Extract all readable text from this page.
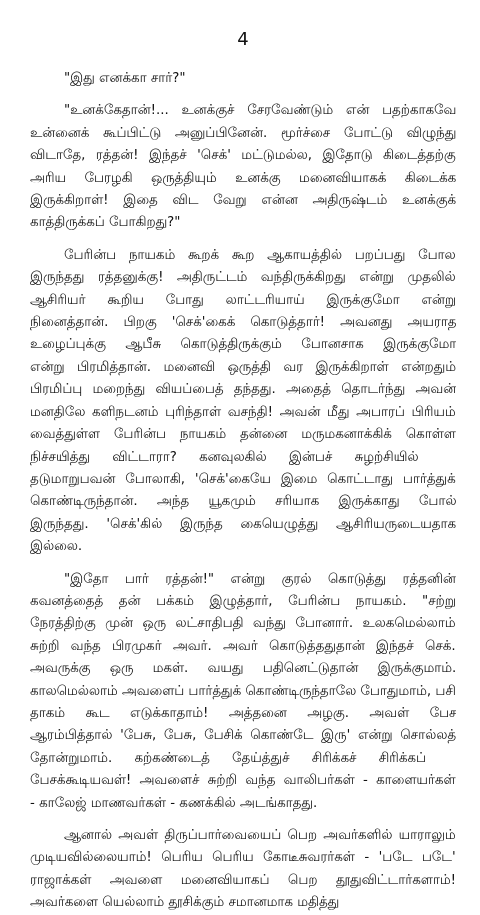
4
"இது எனக்கா சார்?"
"உனக்கேதான்!... உனக்குச் சேரவேண்டும் என் பதற்காகவே
உன்னைக் கூப்பிட்டு அனுப்பினேன். மூர்ச்சை போட்டு விழுந்து
விடாதே, ரத்தன்! இந்தச் 'செக்' மட்டுமல்ல, இதோடு கிடைத்தற்கு
அரிய பேரழகி ஒருத்தியும் உனக்கு மனைவியாகக் கிடைக்க
இருக்கிறாள்! இதை விட வேறு என்ன அதிருஷ்டம் உனக்குக்
காத்திருக்கப் போகிறது?"
பேரின்ப நாயகம் கூறக் கூற ஆகாயத்தில் பறப்பது போல
இருந்தது ரத்தனுக்கு! அதிருட்டம் வந்திருக்கிறது என்று முதலில்
ஆசிரியர் கூறிய போது லாட்டரியாய் இருக்குமோ என்று
நினைத்தான். பிறகு 'செக்'கைக் கொடுத்தார்! அவனது அயராத
உழைப்புக்கு ஆபீசு கொடுத்திருக்கும் போனசாக இருக்குமோ
என்று பிரமித்தான். மனைவி ஒருத்தி வர இருக்கிறாள் என்றதும்
பிரமிப்பு மறைந்து வியப்பைத் தந்தது. அதைத் தொடர்ந்து அவன்
மனதிலே களிநடனம் புரிந்தாள் வசந்தி! அவன் மீது அபாரப் பிரியம்
வைத்துள்ள பேரின்ப நாயகம் தன்னை மருமகனாக்கிக் கொள்ள
நிச்சயித்து விட்டாரா? கனவுலகில் இன்பச் சுழற்சியில்
தடுமாறுபவன் போலாகி, 'செக்'கையே இமை கொட்டாது பார்த்துக்
கொண்டிருந்தான். அந்த யூகமும் சரியாக இருக்காது போல்
இருந்தது. 'செக்'கில் இருந்த கையெழுத்து ஆசிரியருடையதாக
இல்லை.
"இதோ பார் ரத்தன்!" என்று குரல் கொடுத்து ரத்தனின்
கவனத்தைத் தன் பக்கம் இழுத்தார், பேரின்ப நாயகம். "சற்று
நேரத்திற்கு முன் ஒரு லட்சாதிபதி வந்து போனார். உலகமெல்லாம்
சுற்றி வந்த பிரமுகர் அவர். அவர் கொடுத்ததுதான் இந்தச் செக்.
அவருக்கு ஒரு மகள். வயது பதினெட்டுதான் இருக்குமாம்.
காலமெல்லாம் அவளைப் பார்த்துக் கொண்டிருந்தாலே போதுமாம், பசி
தாகம் கூட எடுக்காதாம்! அத்தனை அழகு. அவள் பேச
ஆரம்பித்தால் 'பேசு, பேசு, பேசிக் கொண்டே இரு' என்று சொல்லத்
தோன்றுமாம். கற்கண்டைத் தேய்த்துச் சிரிக்கச் சிரிக்கப்
பேசக்கூடியவள்! அவளைச் சுற்றி வந்த வாலிபர்கள் - காளையர்கள்
- காலேஜ் மாணவர்கள் - கணக்கில் அடங்காதது.
ஆனால் அவள் திருப்பார்வையைப் பெற அவர்களில் யாராலும்
முடியவில்லையாம்! பெரிய பெரிய கோடீசுவரர்கள் - 'படே படே'
ராஜாக்கள் அவளை மனைவியாகப் பெற தூதுவிட்டார்களாம்!
அவர்களை யெல்லாம் தூசிக்கும் சமானமாக மதித்து
